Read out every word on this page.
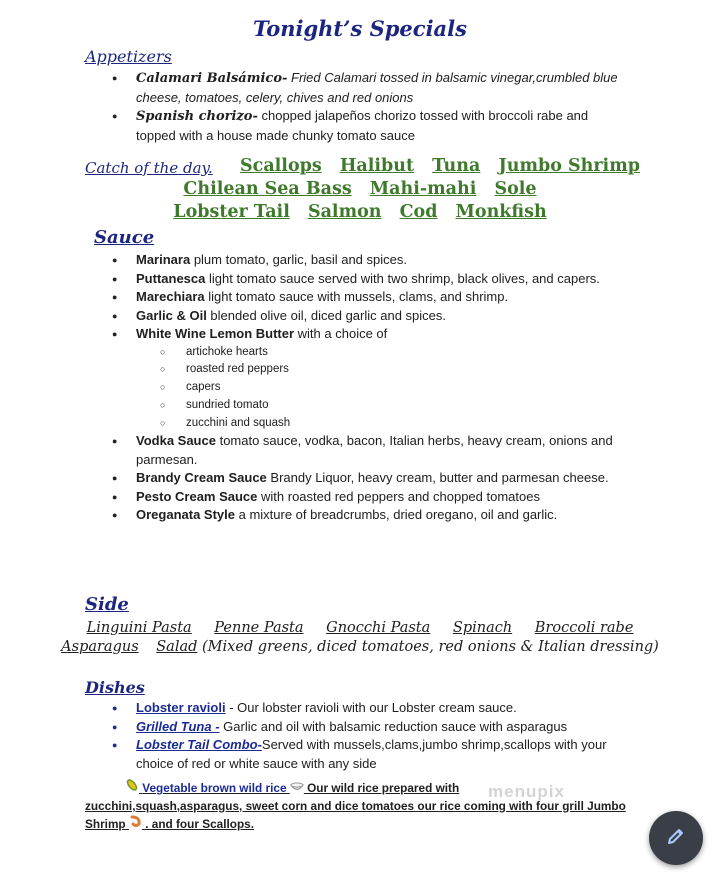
Tonight’s Specials
Appetizers
● Calamari Balsámico- Fried Calamari tossed in balsamic vinegar,crumbled blue cheese, tomatoes, celery, chives and red onions
● Spanish chorizo- chopped jalapeños chorizo tossed with broccoli rabe and topped with a house made chunky tomato sauce
Catch of the day.	Scallops Halibut Tuna Jumbo Shrimp
Chilean Sea Bass Mahi-mahi Sole
Lobster Tail Salmon Cod Monkfish
Sauce
● Marinara plum tomato, garlic, basil and spices.
● Puttanesca light tomato sauce served with two shrimp, black olives, and capers.
● Marechiara light tomato sauce with mussels, clams, and shrimp.
● Garlic & Oil blended olive oil, diced garlic and spices.
● White Wine Lemon Butter with a choice of
○ artichoke hearts
○ roasted red peppers
○ capers
○ sundried tomato
○ zucchini and squash
● Vodka Sauce tomato sauce, vodka, bacon, Italian herbs, heavy cream, onions and parmesan.
● Brandy Cream Sauce Brandy Liquor, heavy cream, butter and parmesan cheese.
● Pesto Cream Sauce with roasted red peppers and chopped tomatoes
● Oreganata Style a mixture of breadcrumbs, dried oregano, oil and garlic.
Side
Linguini Pasta Penne Pasta Gnocchi Pasta Spinach Broccoli rabe
Asparagus Salad (Mixed greens, diced tomatoes, red onions & Italian dressing)
Dishes
● Lobster ravioli - Our lobster ravioli with our Lobster cream sauce.
● Grilled Tuna - Garlic and oil with balsamic reduction sauce with asparagus
● Lobster Tail Combo-Served with mussels,clams,jumbo shrimp,scallops with your choice of red or white sauce with any side
Vegetable brown wild rice  Our wild rice prepared with
zucchini,squash,asparagus, sweet corn and dice tomatoes our rice coming with four grill Jumbo Shrimp  . and four Scallops.
menupix
